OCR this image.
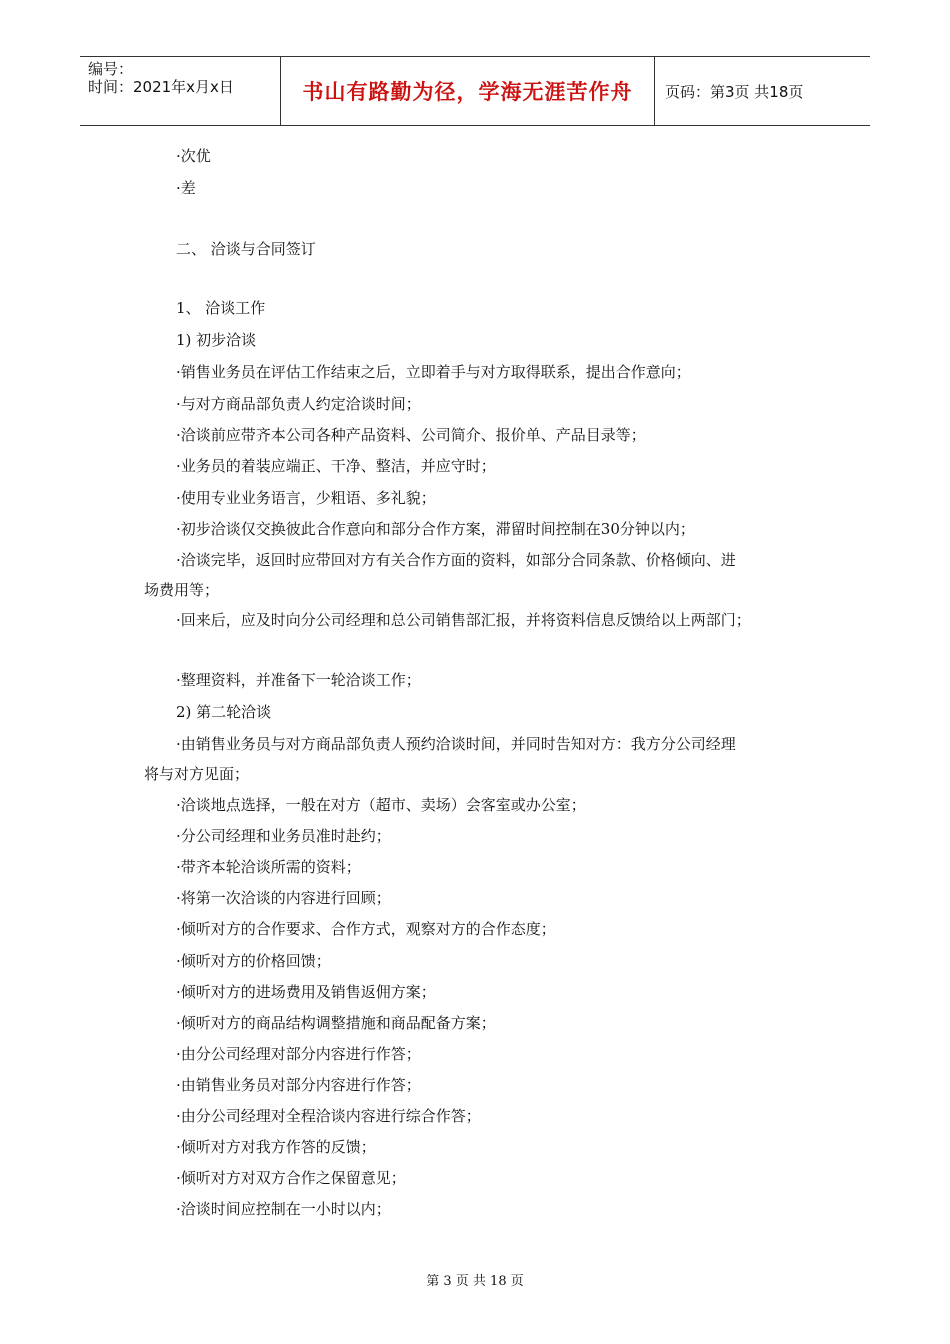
编号：
时间：2021年x月x日	书山有路勤为径，学海无涯苦作舟	页码：第3页 共18页
·次优
·差
二、 洽谈与合同签订
1、 洽谈工作
1) 初步洽谈
·销售业务员在评估工作结束之后，立即着手与对方取得联系，提出合作意向；
·与对方商品部负责人约定洽谈时间；
·洽谈前应带齐本公司各种产品资料、公司简介、报价单、产品目录等；
·业务员的着装应端正、干净、整洁，并应守时；
·使用专业业务语言，少粗语、多礼貌；
·初步洽谈仅交换彼此合作意向和部分合作方案，滞留时间控制在30分钟以内；
·洽谈完毕，返回时应带回对方有关合作方面的资料，如部分合同条款、价格倾向、进
场费用等；
·回来后，应及时向分公司经理和总公司销售部汇报，并将资料信息反馈给以上两部门；
·整理资料，并准备下一轮洽谈工作；
2) 第二轮洽谈
·由销售业务员与对方商品部负责人预约洽谈时间，并同时告知对方：我方分公司经理
将与对方见面；
·洽谈地点选择，一般在对方（超市、卖场）会客室或办公室；
·分公司经理和业务员准时赴约；
·带齐本轮洽谈所需的资料；
·将第一次洽谈的内容进行回顾；
·倾听对方的合作要求、合作方式，观察对方的合作态度；
·倾听对方的价格回馈；
·倾听对方的进场费用及销售返佣方案；
·倾听对方的商品结构调整措施和商品配备方案；
·由分公司经理对部分内容进行作答；
·由销售业务员对部分内容进行作答；
·由分公司经理对全程洽谈内容进行综合作答；
·倾听对方对我方作答的反馈；
·倾听对方对双方合作之保留意见；
·洽谈时间应控制在一小时以内；
第 3 页 共 18 页
